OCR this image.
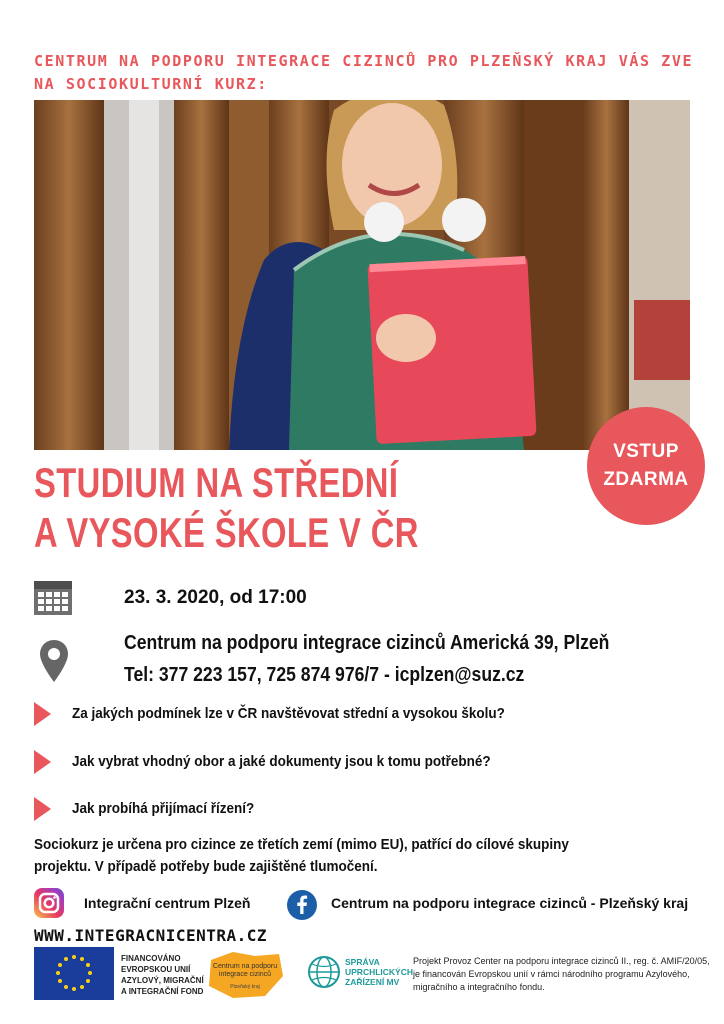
CENTRUM NA PODPORU INTEGRACE CIZINCŮ PRO PLZEŇSKÝ KRAJ VÁS ZVE
NA SOCIOKULTURNÍ KURZ:
VSTUP
ZDARMA
STUDIUM NA STŘEDNÍ
A VYSOKÉ ŠKOLE V ČR
23. 3. 2020, od 17:00
Centrum na podporu integrace cizinců Americká 39, Plzeň
Tel: 377 223 157, 725 874 976/7 - icplzen@suz.cz
Za jakých podmínek lze v ČR navštěvovat střední a vysokou školu?
Jak vybrat vhodný obor a jaké dokumenty jsou k tomu potřebné?
Jak probíhá přijímací řízení?
Sociokurz je určena pro cizince ze třetích zemí (mimo EU), patřící do cílové skupiny
projektu. V případě potřeby bude zajištěné tlumočení.
Integrační centrum Plzeň	Centrum na podporu integrace cizinců - Plzeňský kraj
WWW.INTEGRACNICENTRA.CZ
FINANCOVÁNO
EVROPSKOU UNIÍ
AZYLOVÝ, MIGRAČNÍ
A INTEGRAČNÍ FOND
Centrum na podporu
integrace cizinců
Plzeňský kraj
SPRÁVA
UPRCHLICKÝCH
ZAŘÍZENÍ MV
Projekt Provoz Center na podporu integrace cizinců II., reg. č. AMIF/20/05, je financován Evropskou unií v rámci národního programu Azylového, migračního a integračního fondu.
